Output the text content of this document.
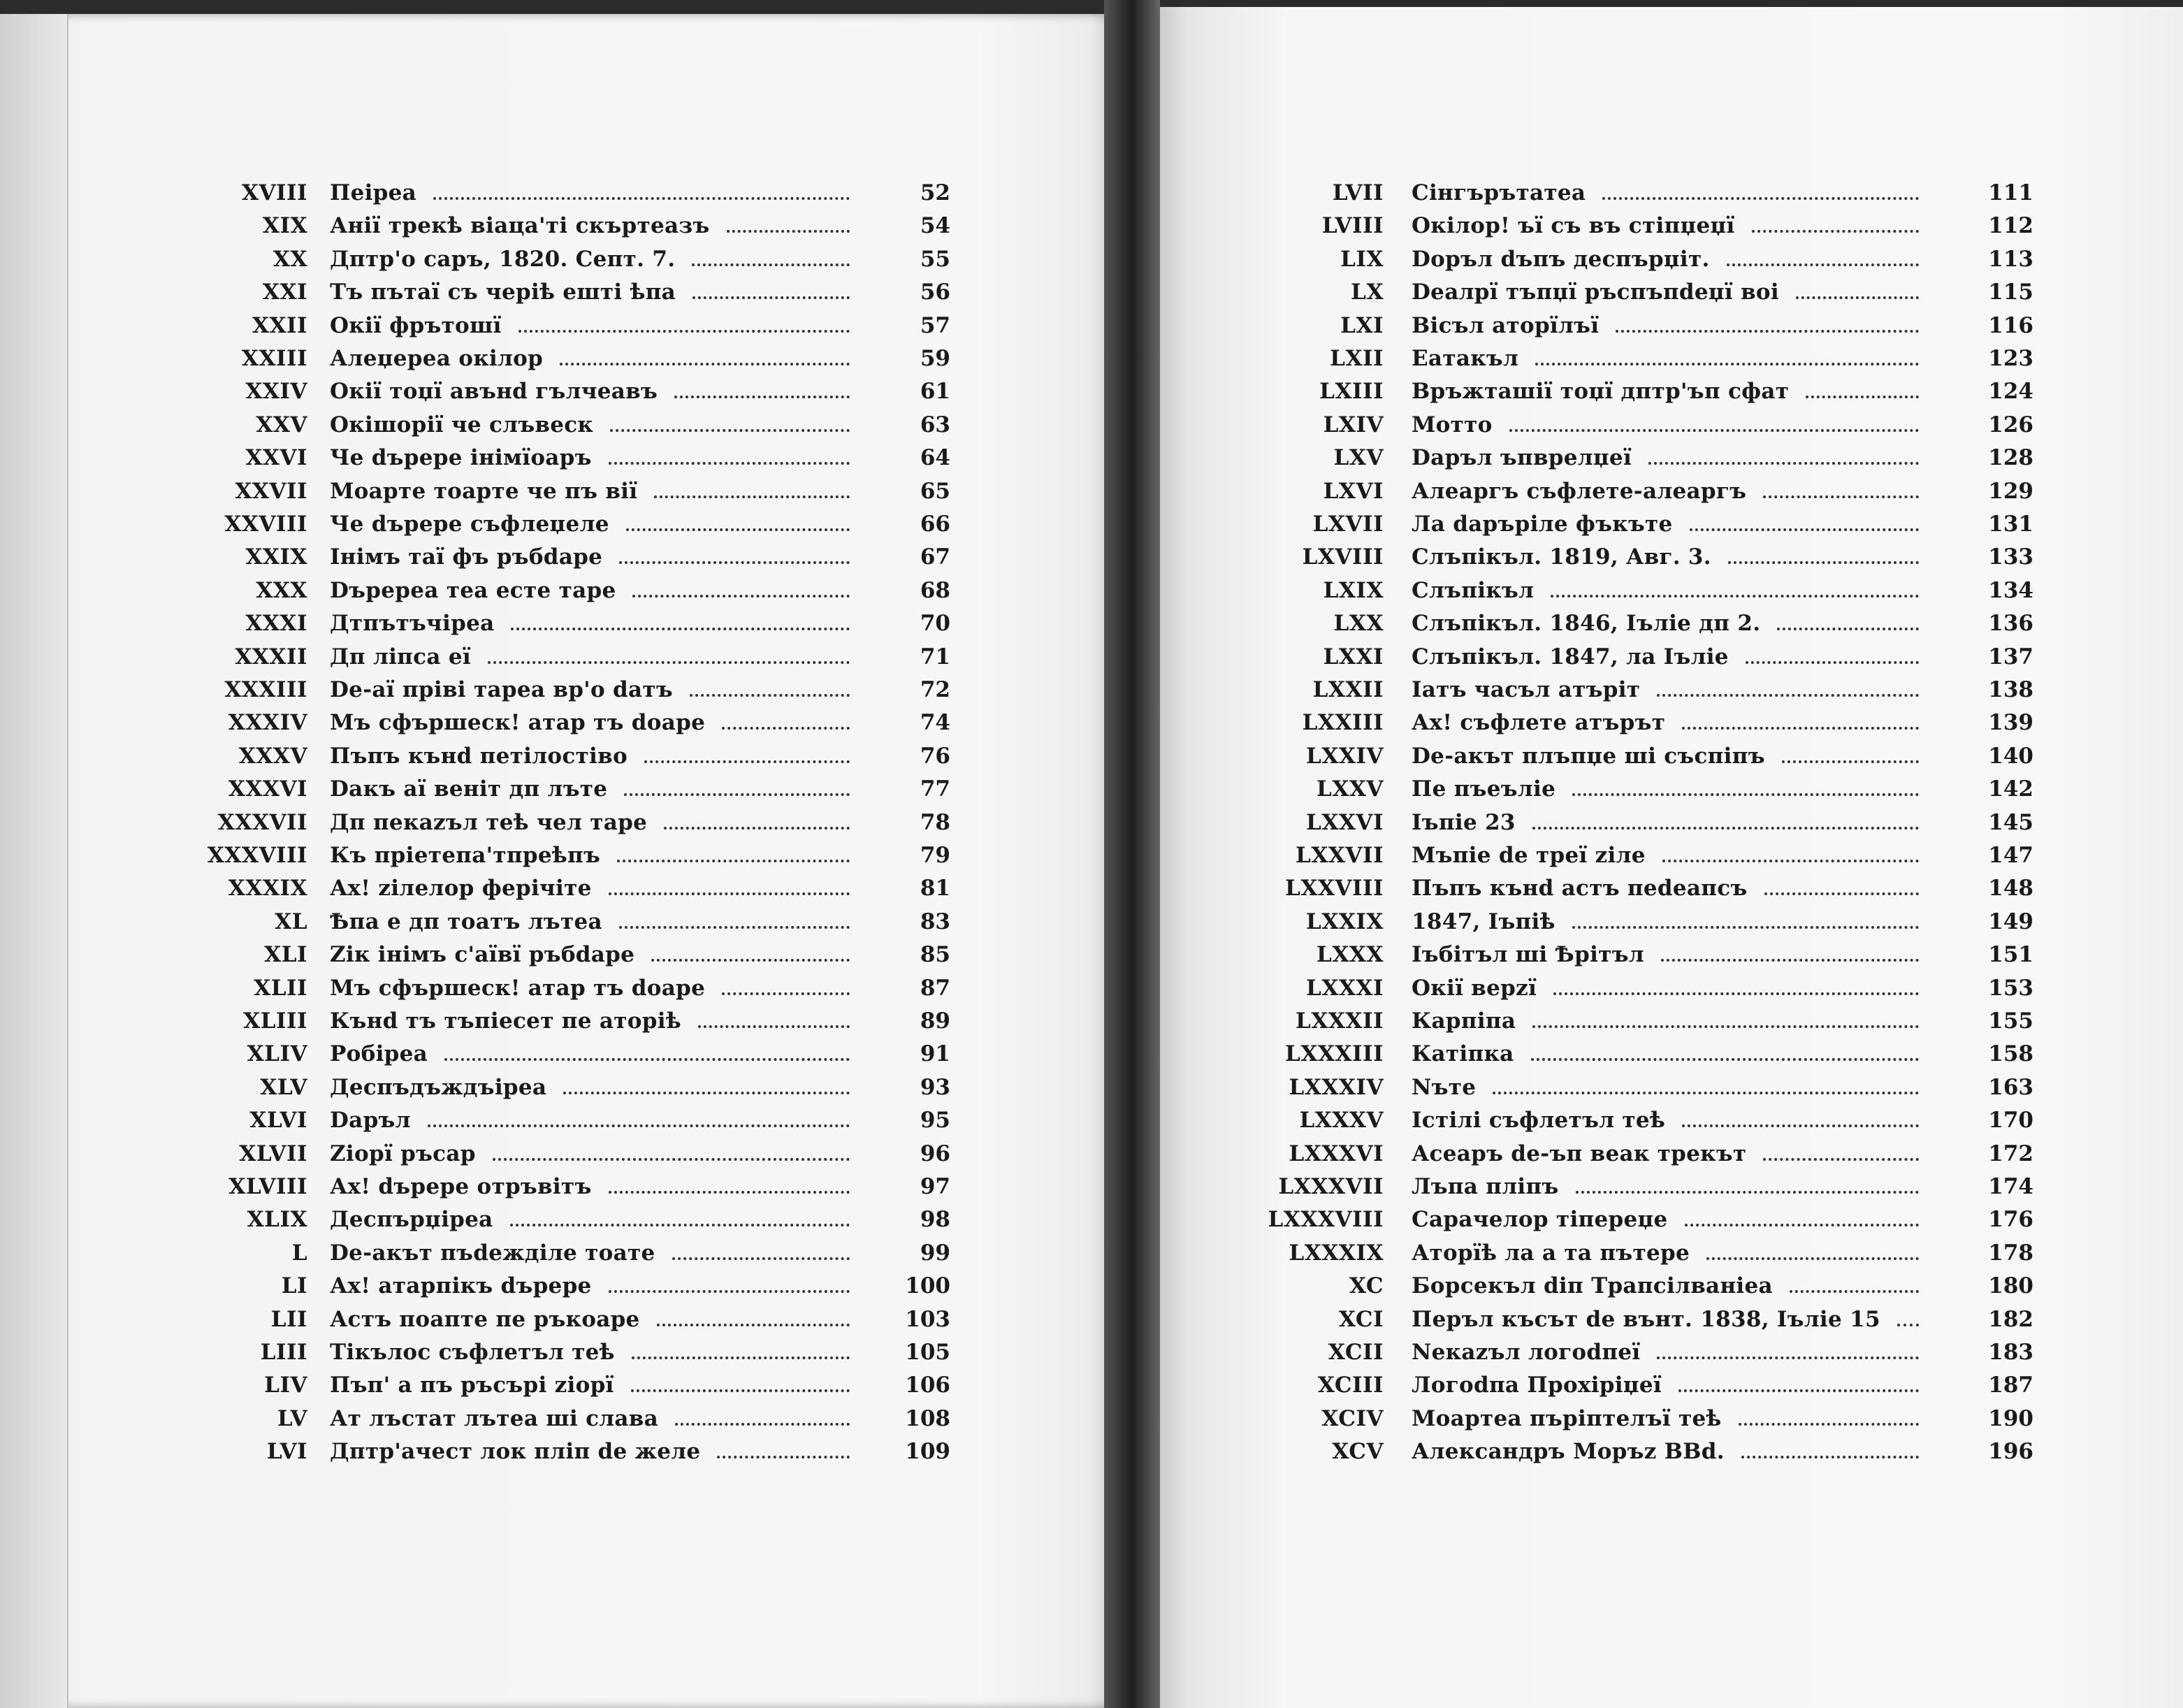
XVIII Пеіреа	52
XIX Анії трекѣ віаца'ті скъртеазъ	54
XX Дптр'о саръ, 1820. Септ. 7.	55
XXI Тъ пътаї съ черіѣ ешті ѣпа	56
XXII Окії фрътошї	57
XXIII Алеџереа окілор	59
XXIV Окії тоџї авънd гълчеавъ	61
XXV Окішорії че слъвеск	63
XXVI Че dърере інімїоаръ	64
XXVII Моарте тоарте че пъ вії	65
XXVIII Че dърере съфлеџеле	66
XXIX Інімъ таї фъ ръбdаре	67
XXX Dъререа теа есте таре	68
XXXI Дтпътъчіреа	70
XXXII Дп ліпса еї	71
XXXIII De-аї пріві тареа вр'о dатъ	72
XXXIV Мъ сфършеск! атар тъ dоаре	74
XXXV Пъпъ кънd петілостіво	76
XXXVI Dакъ аї веніт дп лъте	77
XXXVII Дп пекаzъл теѣ чел таре	78
XXXVIII Къ пріетепа'тпреѣпъ	79
XXXIX Ах! zілелор ферічіте	81
XL Ѣпа е дп тоатъ лътеа	83
XLI Zік інімъ с'аївї ръбdаре	85
XLII Мъ сфършеск! атар тъ dоаре	87
XLIII Кънd тъ тъпіесет пе аторіѣ	89
XLIV Робіреа	91
XLV Деспъдъждъіреа	93
XLVI Dаръл	95
XLVII Zіорї ръсар	96
XLVIII Ах! dърере отръвітъ	97
XLIX Деспърџіреа	98
L De-акът пъdежділе тоате	99
LI Ах! атарпікъ dърере	100
LII Астъ поапте пе ръкоаре	103
LIII Тікълос съфлетъл теѣ	105
LIV Пъп' а пъ ръсърі zіорї	106
LV Ат лъстат лътеа ші слава	108
LVI Дптр'ачест лок пліп de желе	109
LVII Сінгърътатеа	111
LVIII Окілор! ъї съ въ стіпџеџї	112
LIX Dоръл dъпъ деспърџіт.	113
LX Dеалрї тъпџї ръспъпdеџї воі	115
LXI Вісъл аторїлъї	116
LXII Еатакъл	123
LXIII Връжташії тоџї дптр'ъп сфат	124
LXIV Мотто	126
LXV Dаръл ъпврелџеї	128
LXVI Алеаргъ съфлете-алеаргъ	129
LXVII Ла dаръріле фъкъте	131
LXVIII Слъпікъл. 1819, Авг. 3.	133
LXIX Слъпікъл	134
LXX Слъпікъл. 1846, Іъліе дп 2.	136
LXXI Слъпікъл. 1847, ла Іъліе	137
LXXII Іатъ часъл атъріт	138
LXXIII Ах! съфлете атърът	139
LXXIV De-акът плъпџе ші съспіпъ	140
LXXV Пе пъеъліе	142
LXXVI Іъпіе 23	145
LXXVII Мъпіе de треї zіле	147
LXXVIII Пъпъ кънd астъ пеdеапсъ	148
LXXIX 1847, Іъпіѣ	149
LXXX Іъбітъл ші Ѣрітъл	151
LXXXI Окії верzї	153
LXXXII Карпіпа	155
LXXXIII Катіпка	158
LXXXIV Nъте	163
LXXXV Істілі съфлетъл теѣ	170
LXXXVI Асеаръ de-ъп веак трекът	172
LXXXVII Лъпа пліпъ	174
LXXXVIII Сарачелор тіпереџе	176
LXXXIX Аторїѣ ла а та пътере	178
XC Борсекъл dіп Трапсілваніеа	180
XCI Пеpъл късът de вънт. 1838, Іъліе 15	182
XCII Nекаzъл логоdпеї	183
XCIII Логоdпа Прохіріџеї	187
XCIV Моартеа пъріптелъї теѣ	190
XCV Александръ Моръz ВВd.	196
